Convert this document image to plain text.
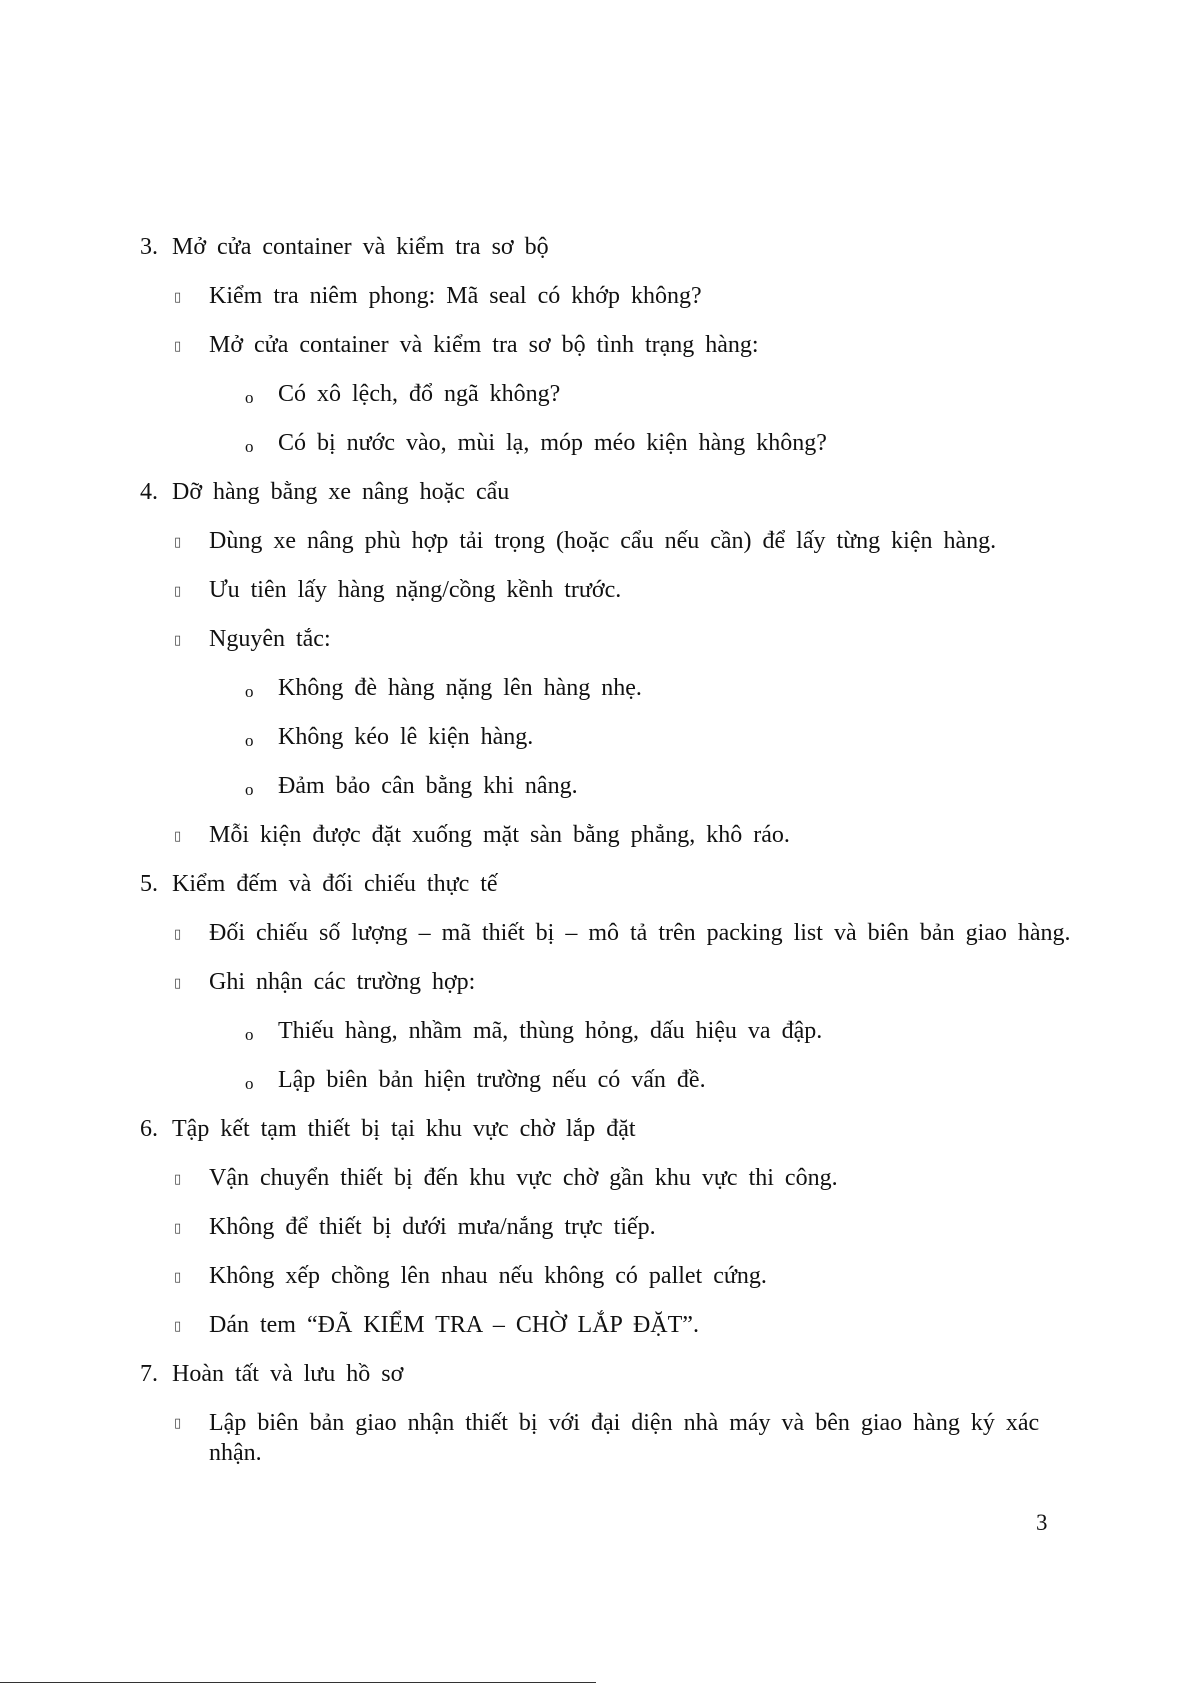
3. Mở cửa container và kiểm tra sơ bộ
▯ Kiểm tra niêm phong: Mã seal có khớp không?
▯ Mở cửa container và kiểm tra sơ bộ tình trạng hàng:
o Có xô lệch, đổ ngã không?
o Có bị nước vào, mùi lạ, móp méo kiện hàng không?
4. Dỡ hàng bằng xe nâng hoặc cẩu
▯ Dùng xe nâng phù hợp tải trọng (hoặc cẩu nếu cần) để lấy từng kiện hàng.
▯ Ưu tiên lấy hàng nặng/cồng kềnh trước.
▯ Nguyên tắc:
o Không đè hàng nặng lên hàng nhẹ.
o Không kéo lê kiện hàng.
o Đảm bảo cân bằng khi nâng.
▯ Mỗi kiện được đặt xuống mặt sàn bằng phẳng, khô ráo.
5. Kiểm đếm và đối chiếu thực tế
▯ Đối chiếu số lượng – mã thiết bị – mô tả trên packing list và biên bản giao hàng.
▯ Ghi nhận các trường hợp:
o Thiếu hàng, nhầm mã, thùng hỏng, dấu hiệu va đập.
o Lập biên bản hiện trường nếu có vấn đề.
6. Tập kết tạm thiết bị tại khu vực chờ lắp đặt
▯ Vận chuyển thiết bị đến khu vực chờ gần khu vực thi công.
▯ Không để thiết bị dưới mưa/nắng trực tiếp.
▯ Không xếp chồng lên nhau nếu không có pallet cứng.
▯ Dán tem “ĐÃ KIỂM TRA – CHỜ LẮP ĐẶT”.
7. Hoàn tất và lưu hồ sơ
▯ Lập biên bản giao nhận thiết bị với đại diện nhà máy và bên giao hàng ký xác
nhận.
3
